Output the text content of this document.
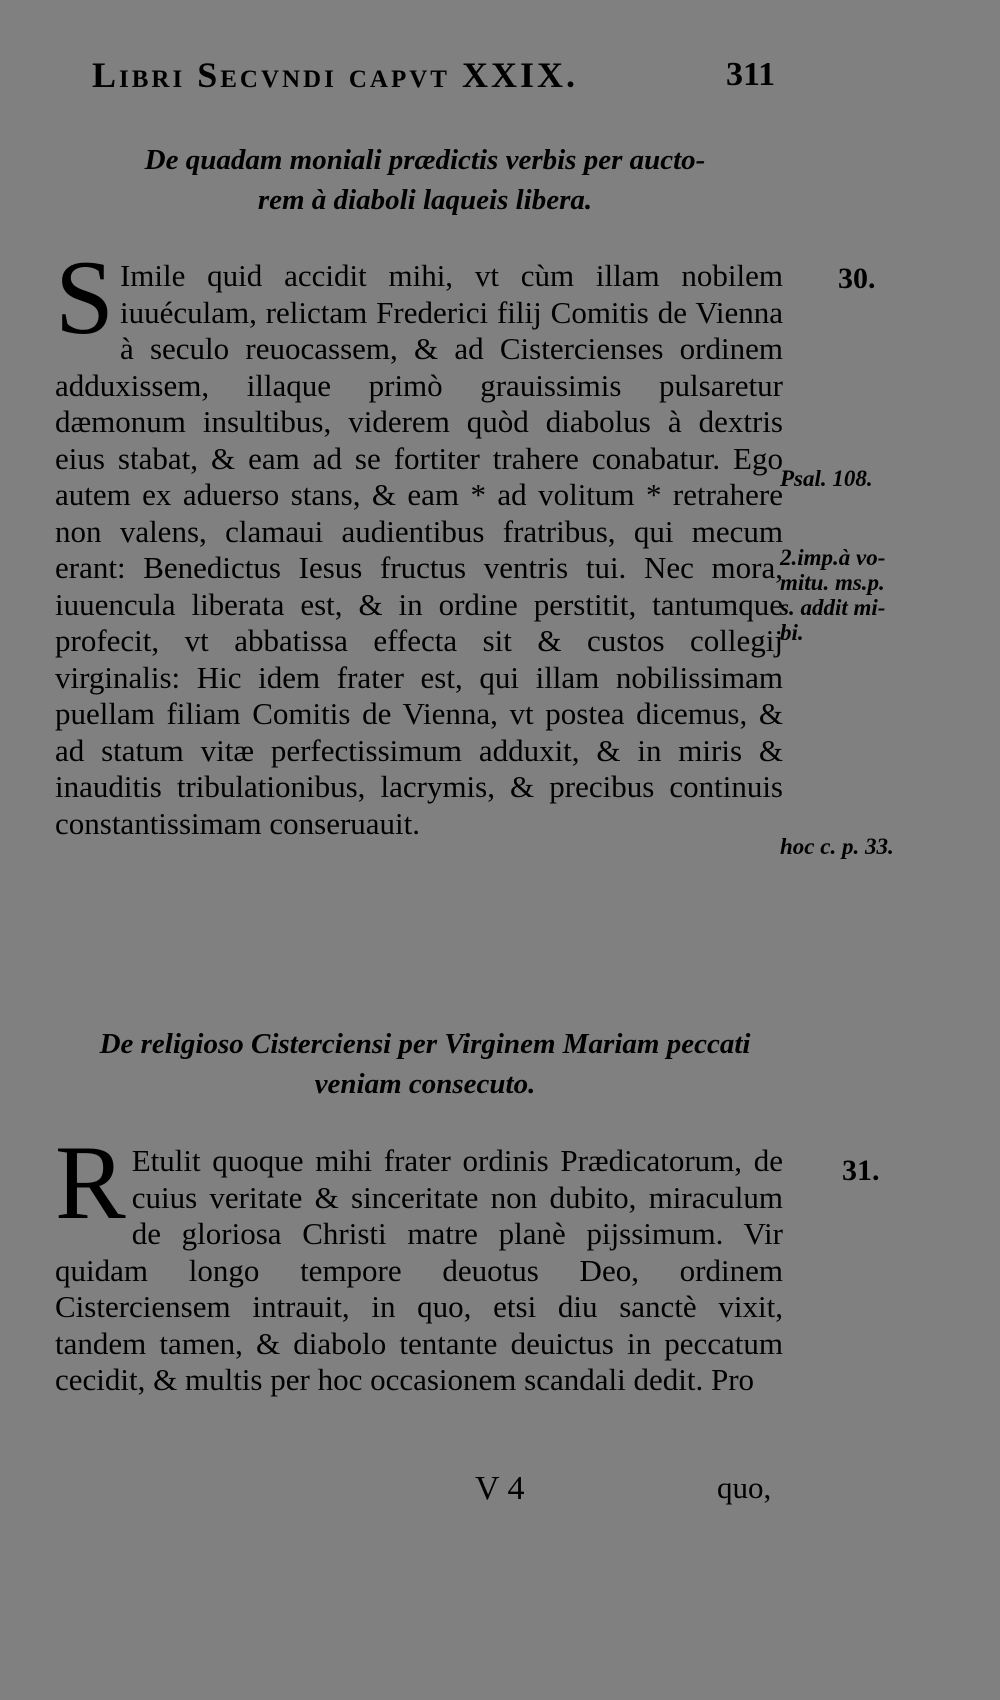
Libri Secvndi capvt XXIX.	311
De quadam moniali prædictis verbis per aucto-
rem à diaboli laqueis libera.
S Imile quid accidit mihi, vt cùm illam nobilem iuuéculam, relictam Frederici filij Comitis de Vienna à seculo reuocassem, & ad Cistercienses ordinem adduxissem, illaque primò grauissimis pulsaretur dæmonum insultibus, viderem quòd diabolus à dextris eius stabat, & eam ad se fortiter trahere conabatur. Ego autem ex aduerso stans, & eam * ad volitum * retrahere non valens, clamaui audientibus fratribus, qui mecum erant: Benedictus Iesus fructus ventris tui. Nec mora, iuuencula liberata est, & in ordine perstitit, tantumque profecit, vt abbatissa effecta sit & custos collegij virginalis: Hic idem frater est, qui illam nobilissimam puellam filiam Comitis de Vienna, vt postea dicemus, & ad statum vitæ perfectissimum adduxit, & in miris & inauditis tribulationibus, lacrymis, & precibus continuis constantissimam conseruauit.
De religioso Cisterciensi per Virginem Mariam peccati
veniam consecuto.
R Etulit quoque mihi frater ordinis Prædicatorum, de cuius veritate & sinceritate non dubito, miraculum de gloriosa Christi matre planè pijssimum. Vir quidam longo tempore deuotus Deo, ordinem Cisterciensem intrauit, in quo, etsi diu sanctè vixit, tandem tamen, & diabolo tentante deuictus in peccatum cecidit, & multis per hoc occasionem scandali dedit. Pro
30.
Psal. 108.
2.imp.à vo-
mitu. ms.p.
s. addit mi-
bi.
hoc c. p. 33.
31.
V 4	quo,
